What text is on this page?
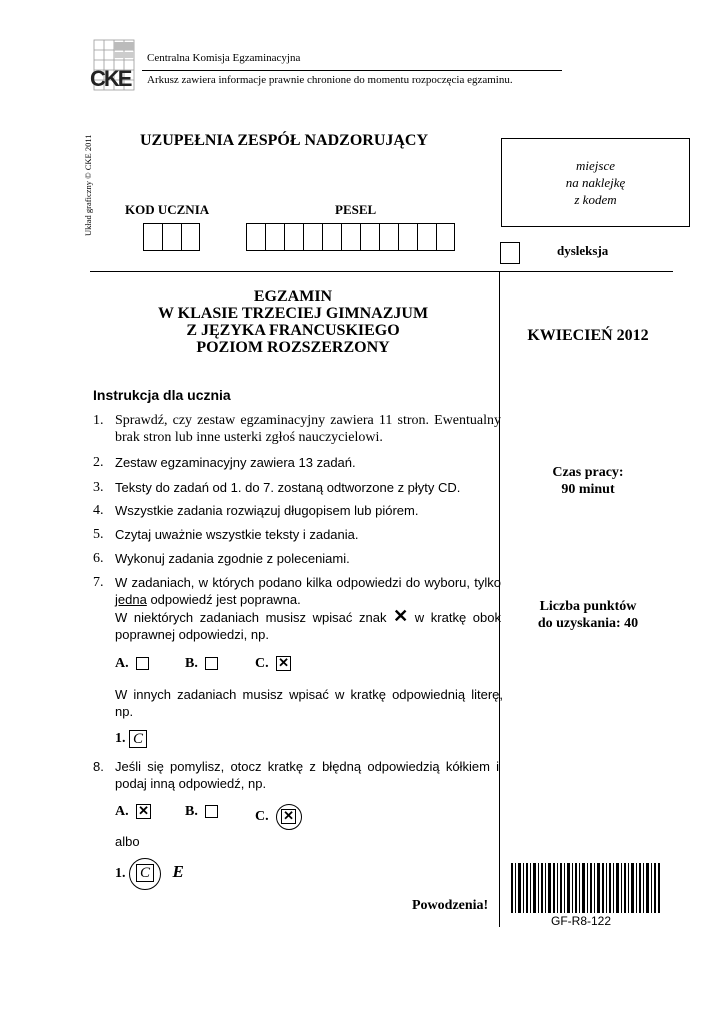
CKE
Centralna Komisja Egzaminacyjna
Arkusz zawiera informacje prawnie chronione do momentu rozpoczęcia egzaminu.
Układ graficzny © CKE 2011	UZUPEŁNIA ZESPÓŁ NADZORUJĄCY
KOD UCZNIA	PESEL
miejsce
na naklejkę
z kodem
dysleksja
EGZAMIN
W KLASIE TRZECIEJ GIMNAZJUM
Z JĘZYKA FRANCUSKIEGO
POZIOM ROZSZERZONY
KWIECIEŃ 2012
Czas pracy:
90 minut
Liczba punktów
do uzyskania: 40
Instrukcja dla ucznia
1. Sprawdź, czy zestaw egzaminacyjny zawiera 11 stron. Ewentualny brak stron lub inne usterki zgłoś nauczycielowi.
2. Zestaw egzaminacyjny zawiera 13 zadań.
3. Teksty do zadań od 1. do 7. zostaną odtworzone z płyty CD.
4. Wszystkie zadania rozwiązuj długopisem lub piórem.
5. Czytaj uważnie wszystkie teksty i zadania.
6. Wykonuj zadania zgodnie z poleceniami.
7. W zadaniach, w których podano kilka odpowiedzi do wyboru, tylko jedna odpowiedź jest poprawna.
W niektórych zadaniach musisz wpisać znak ✕ w kratkę obok poprawnej odpowiedzi, np.
A.	B.	C. ✕
W innych zadaniach musisz wpisać w kratkę odpowiednią literę, np.
1. C
8. Jeśli się pomylisz, otocz kratkę z błędną odpowiedzią kółkiem i podaj inną odpowiedź, np.
A. ✕	B.	C. ✕
albo
1. C E
Powodzenia!
GF-R8-122
